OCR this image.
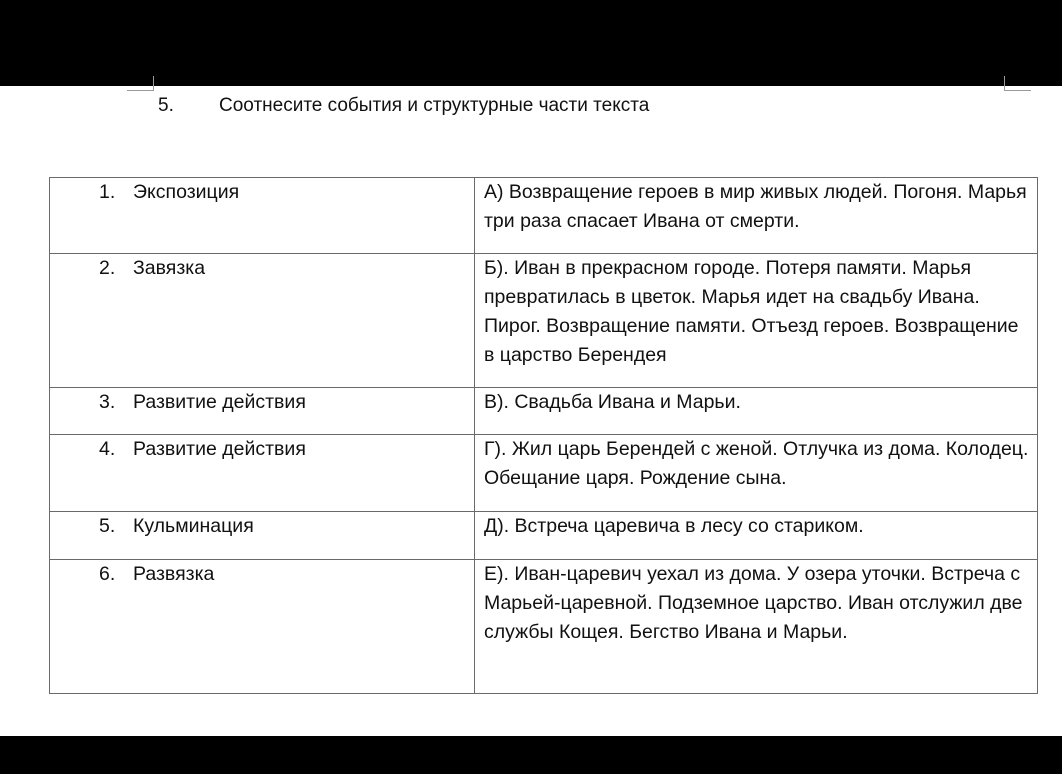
5. Соотнесите события и структурные части текста
1. Экспозиция	А) Возвращение героев в мир живых людей. Погоня. Марья три раза спасает Ивана от смерти.

2. Завязка	Б). Иван в прекрасном городе. Потеря памяти. Марья превратилась в цветок. Марья идет на свадьбу Ивана. Пирог. Возвращение памяти. Отъезд героев. Возвращение в царство Берендея

3. Развитие действия	В). Свадьба Ивана и Марьи.

4. Развитие действия	Г). Жил царь Берендей с женой. Отлучка из дома. Колодец. Обещание царя. Рождение сына.

5. Кульминация	Д). Встреча царевича в лесу со стариком.

6. Развязка	Е). Иван-царевич уехал из дома. У озера уточки. Встреча с Марьей-царевной. Подземное царство. Иван отслужил две службы Кощея. Бегство Ивана и Марьи.
